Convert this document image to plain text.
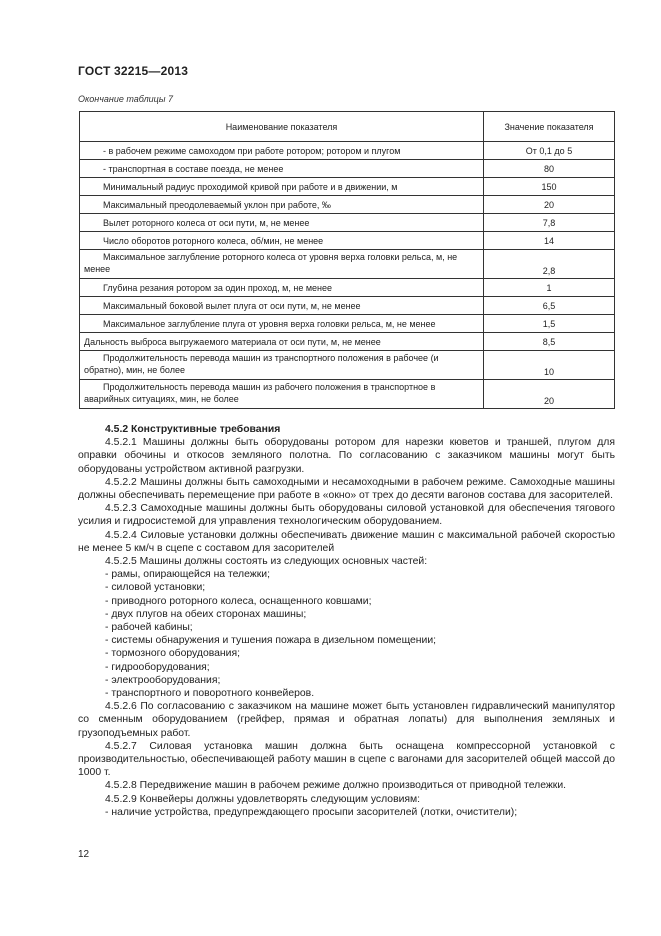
ГОСТ 32215—2013
Окончание таблицы 7
Наименование показателя	Значение показателя
- в рабочем режиме самоходом при работе ротором; ротором и плугом	От 0,1 до 5
- транспортная в составе поезда, не менее	80
Минимальный радиус проходимой кривой при работе и в движении, м	150
Максимальный преодолеваемый уклон при работе, ‰	20
Вылет роторного колеса от оси пути, м, не менее	7,8
Число оборотов роторного колеса, об/мин, не менее	14
Максимальное заглубление роторного колеса от уровня верха головки рельса, м, не менее	2,8
Глубина резания ротором за один проход, м, не менее	1
Максимальный боковой вылет плуга от оси пути, м, не менее	6,5
Максимальное заглубление плуга от уровня верха головки рельса, м, не менее	1,5
Дальность выброса выгружаемого материала от оси пути, м, не менее	8,5
Продолжительность перевода машин из транспортного положения в рабочее (и обратно), мин, не более	10
Продолжительность перевода машин из рабочего положения в транспортное в аварийных ситуациях, мин, не более	20

4.5.2 Конструктивные требования

4.5.2.1 Машины должны быть оборудованы ротором для нарезки кюветов и траншей, плугом для оправки обочины и откосов земляного полотна. По согласованию с заказчиком машины могут быть оборудованы устройством активной разгрузки.

4.5.2.2 Машины должны быть самоходными и несамоходными в рабочем режиме. Самоходные машины должны обеспечивать перемещение при работе в «окно» от трех до десяти вагонов состава для засорителей.

4.5.2.3 Самоходные машины должны быть оборудованы силовой установкой для обеспечения тягового усилия и гидросистемой для управления технологическим оборудованием.

4.5.2.4 Силовые установки должны обеспечивать движение машин с максимальной рабочей скоростью не менее 5 км/ч в сцепе с составом для засорителей

4.5.2.5 Машины должны состоять из следующих основных частей:

- рамы, опирающейся на тележки;

- силовой установки;

- приводного роторного колеса, оснащенного ковшами;

- двух плугов на обеих сторонах машины;

- рабочей кабины;

- системы обнаружения и тушения пожара в дизельном помещении;

- тормозного оборудования;

- гидрооборудования;

- электрооборудования;

- транспортного и поворотного конвейеров.

4.5.2.6 По согласованию с заказчиком на машине может быть установлен гидравлический манипулятор со сменным оборудованием (грейфер, прямая и обратная лопаты) для выполнения земляных и грузоподъемных работ.

4.5.2.7 Силовая установка машин должна быть оснащена компрессорной установкой с производительностью, обеспечивающей работу машин в сцепе с вагонами для засорителей общей массой до 1000 т.

4.5.2.8 Передвижение машин в рабочем режиме должно производиться от приводной тележки.

4.5.2.9 Конвейеры должны удовлетворять следующим условиям:

- наличие устройства, предупреждающего просыпи засорителей (лотки, очистители);

12
